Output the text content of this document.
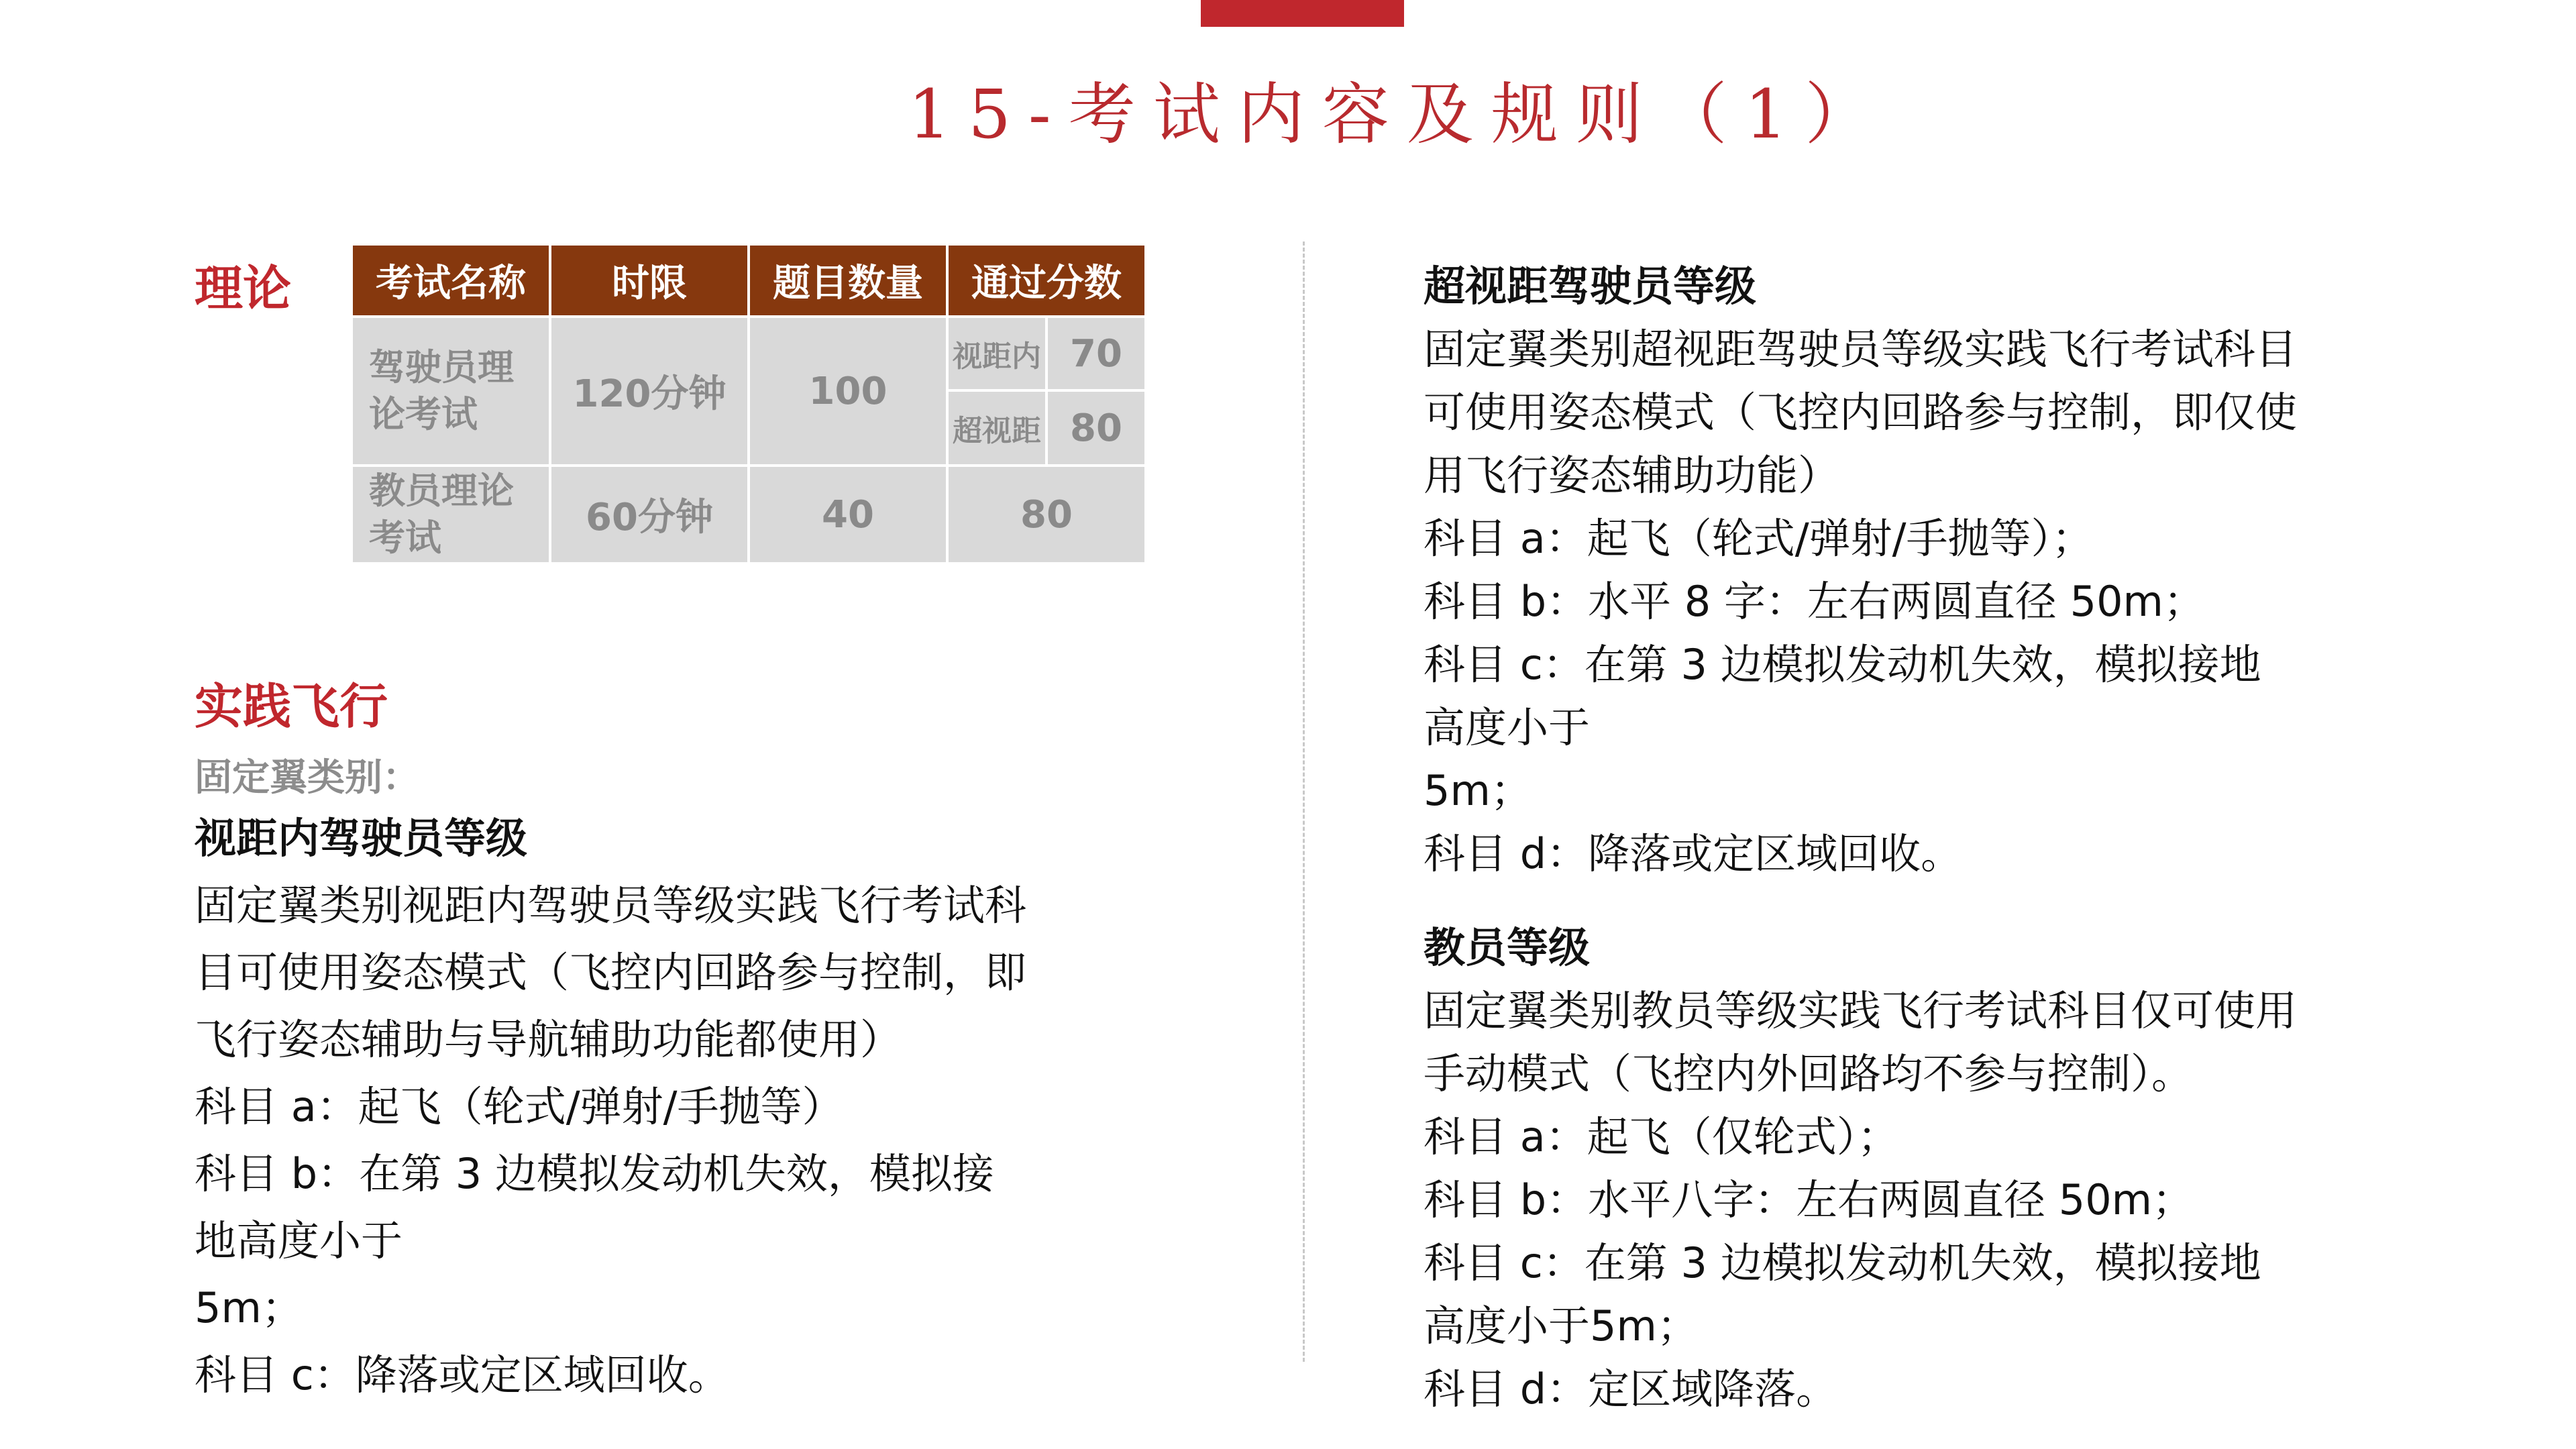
15-考试内容及规则（1）
理论 考试名称	时限	题目数量	通过分数	

驾驶员理
论考试	120分钟	100	视距内	70
			超视距	80

教员理论
考试	60分钟	40	80	
实践飞行
固定翼类别：
视距内驾驶员等级
固定翼类别视距内驾驶员等级实践飞行考试科
目可使用姿态模式（飞控内回路参与控制，即
飞行姿态辅助与导航辅助功能都使用）
科目 a：起飞（轮式/弹射/手抛等）
科目 b：在第 3 边模拟发动机失效，模拟接
地高度小于
5m；
科目 c：降落或定区域回收。
超视距驾驶员等级
固定翼类别超视距驾驶员等级实践飞行考试科目
可使用姿态模式（飞控内回路参与控制，即仅使
用飞行姿态辅助功能）
科目 a：起飞（轮式/弹射/手抛等）；
科目 b：水平 8 字：左右两圆直径 50m；
科目 c：在第 3 边模拟发动机失效，模拟接地
高度小于
5m；
科目 d：降落或定区域回收。
教员等级
固定翼类别教员等级实践飞行考试科目仅可使用
手动模式（飞控内外回路均不参与控制）。
科目 a：起飞（仅轮式）；
科目 b：水平八字：左右两圆直径 50m；
科目 c：在第 3 边模拟发动机失效，模拟接地
高度小于5m；
科目 d：定区域降落。
